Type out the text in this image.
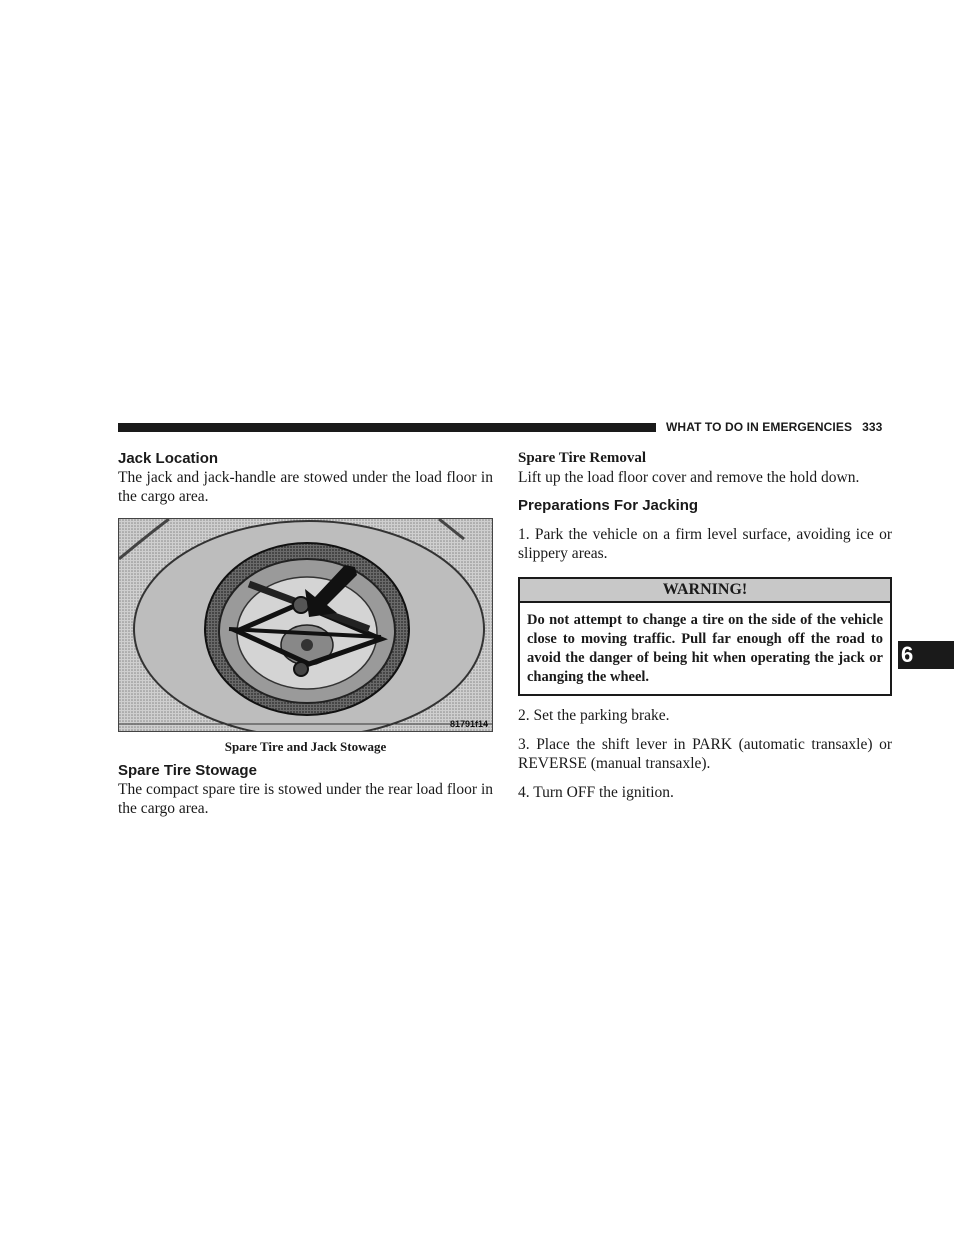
WHAT TO DO IN EMERGENCIES 333
Jack Location

The jack and jack-handle are stowed under the load floor in the cargo area.

81791f14
Spare Tire and Jack Stowage
Spare Tire Stowage

The compact spare tire is stowed under the rear load floor in the cargo area.

Spare Tire Removal

Lift up the load floor cover and remove the hold down.

Preparations For Jacking

1. Park the vehicle on a firm level surface, avoiding ice or slippery areas.

WARNING!
Do not attempt to change a tire on the side of the vehicle close to moving traffic. Pull far enough off the road to avoid the danger of being hit when operating the jack or changing the wheel.

2. Set the parking brake.

3. Place the shift lever in PARK (automatic transaxle) or REVERSE (manual transaxle).

4. Turn OFF the ignition.

6
